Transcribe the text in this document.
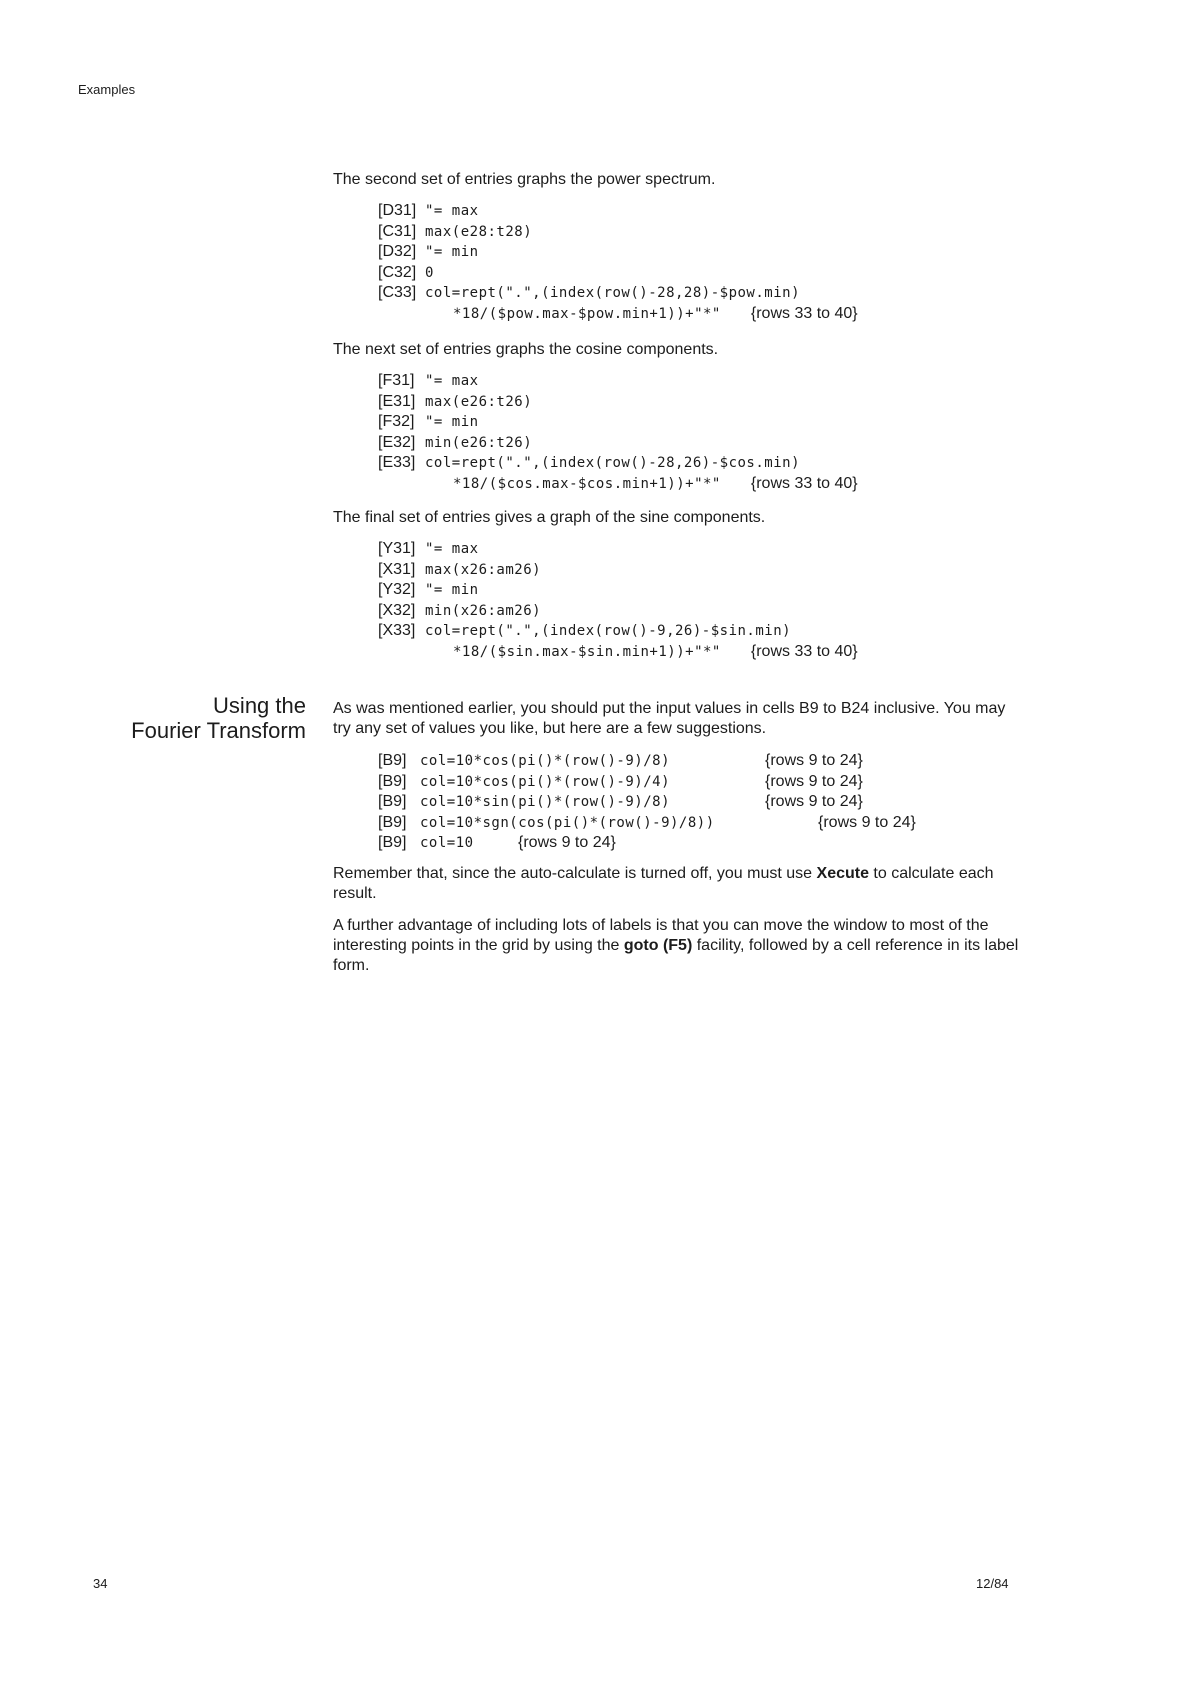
Examples
The second set of entries graphs the power spectrum.
[D31] "= max
[C31] max(e28:t28)
[D32] "= min
[C32] 0
[C33] col=rept(".",(index(row()-28,28)-$pow.min)
*18/($pow.max-$pow.min+1))+"*" {rows 33 to 40}
The next set of entries graphs the cosine components.
[F31] "= max
[E31] max(e26:t26)
[F32] "= min
[E32] min(e26:t26)
[E33] col=rept(".",(index(row()-28,26)-$cos.min)
*18/($cos.max-$cos.min+1))+"*" {rows 33 to 40}
The final set of entries gives a graph of the sine components.
[Y31] "= max
[X31] max(x26:am26)
[Y32] "= min
[X32] min(x26:am26)
[X33] col=rept(".",(index(row()-9,26)-$sin.min)
*18/($sin.max-$sin.min+1))+"*" {rows 33 to 40}
Using the
Fourier Transform
As was mentioned earlier, you should put the input values in cells B9 to B24 inclusive. You may try any set of values you like, but here are a few suggestions.
[B9] col=10*cos(pi()*(row()-9)/8)	{rows 9 to 24}
[B9] col=10*cos(pi()*(row()-9)/4)	{rows 9 to 24}
[B9] col=10*sin(pi()*(row()-9)/8)	{rows 9 to 24}
[B9] col=10*sgn(cos(pi()*(row()-9)/8))	{rows 9 to 24}
[B9] col=10	{rows 9 to 24}
Remember that, since the auto-calculate is turned off, you must use Xecute to calculate each result.
A further advantage of including lots of labels is that you can move the window to most of the interesting points in the grid by using the goto (F5) facility, followed by a cell reference in its label form.
34	12/84
